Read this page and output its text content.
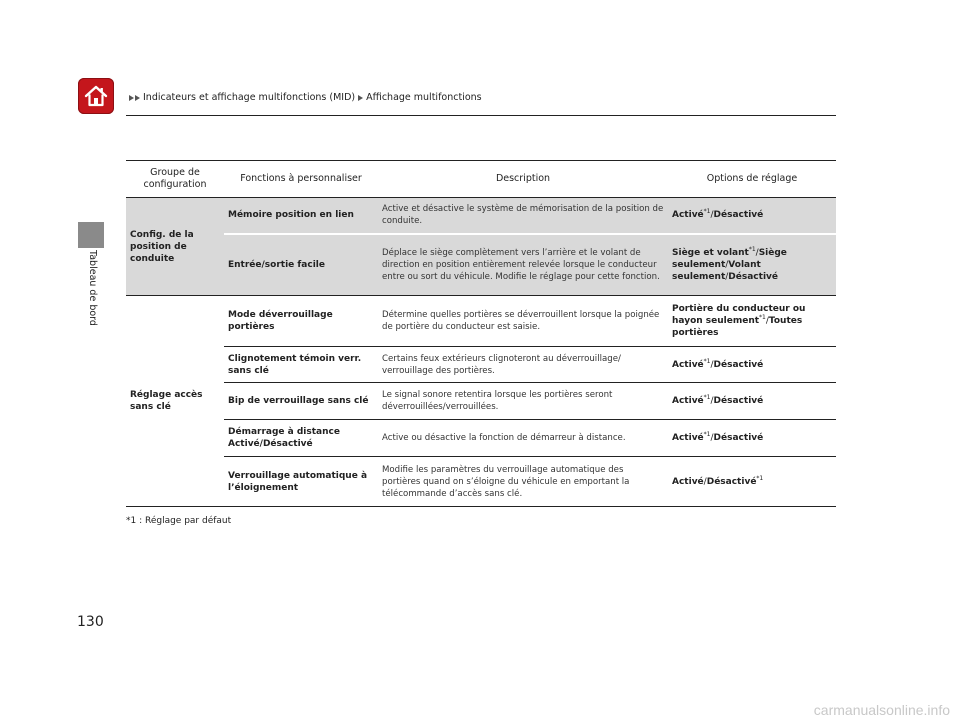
Indicateurs et affichage multifonctions (MID) Affichage multifonctions
Tableau de bord
Groupe de configuration	Fonctions à personnaliser	Description	Options de réglage
Config. de la position de conduite	Mémoire position en lien	Active et désactive le système de mémorisation de la position de conduite.	Activé$^{*1}$/Désactivé
	Entrée/sortie facile	Déplace le siège complètement vers l’arrière et le volant de direction en position entièrement relevée lorsque le conducteur entre ou sort du véhicule. Modifie le réglage pour cette fonction.	Siège et volant$^{*1}$/Siège seulement/Volant seulement/Désactivé
Réglage accès sans clé	Mode déverrouillage portières	Détermine quelles portières se déverrouillent lorsque la poignée de portière du conducteur est saisie.	Portière du conducteur ou hayon seulement$^{*1}$/Toutes portières
	Clignotement témoin verr. sans clé	Certains feux extérieurs clignoteront au déverrouillage/ verrouillage des portières.	Activé$^{*1}$/Désactivé
	Bip de verrouillage sans clé	Le signal sonore retentira lorsque les portières seront déverrouillées/verrouillées.	Activé$^{*1}$/Désactivé
	Démarrage à distance Activé/Désactivé	Active ou désactive la fonction de démarreur à distance.	Activé$^{*1}$/Désactivé
	Verrouillage automatique à l’éloignement	Modifie les paramètres du verrouillage automatique des portières quand on s’éloigne du véhicule en emportant la télécommande d’accès sans clé.	Activé/Désactivé$^{*1}$
*1 : Réglage par défaut
130
carmanualsonline.info
